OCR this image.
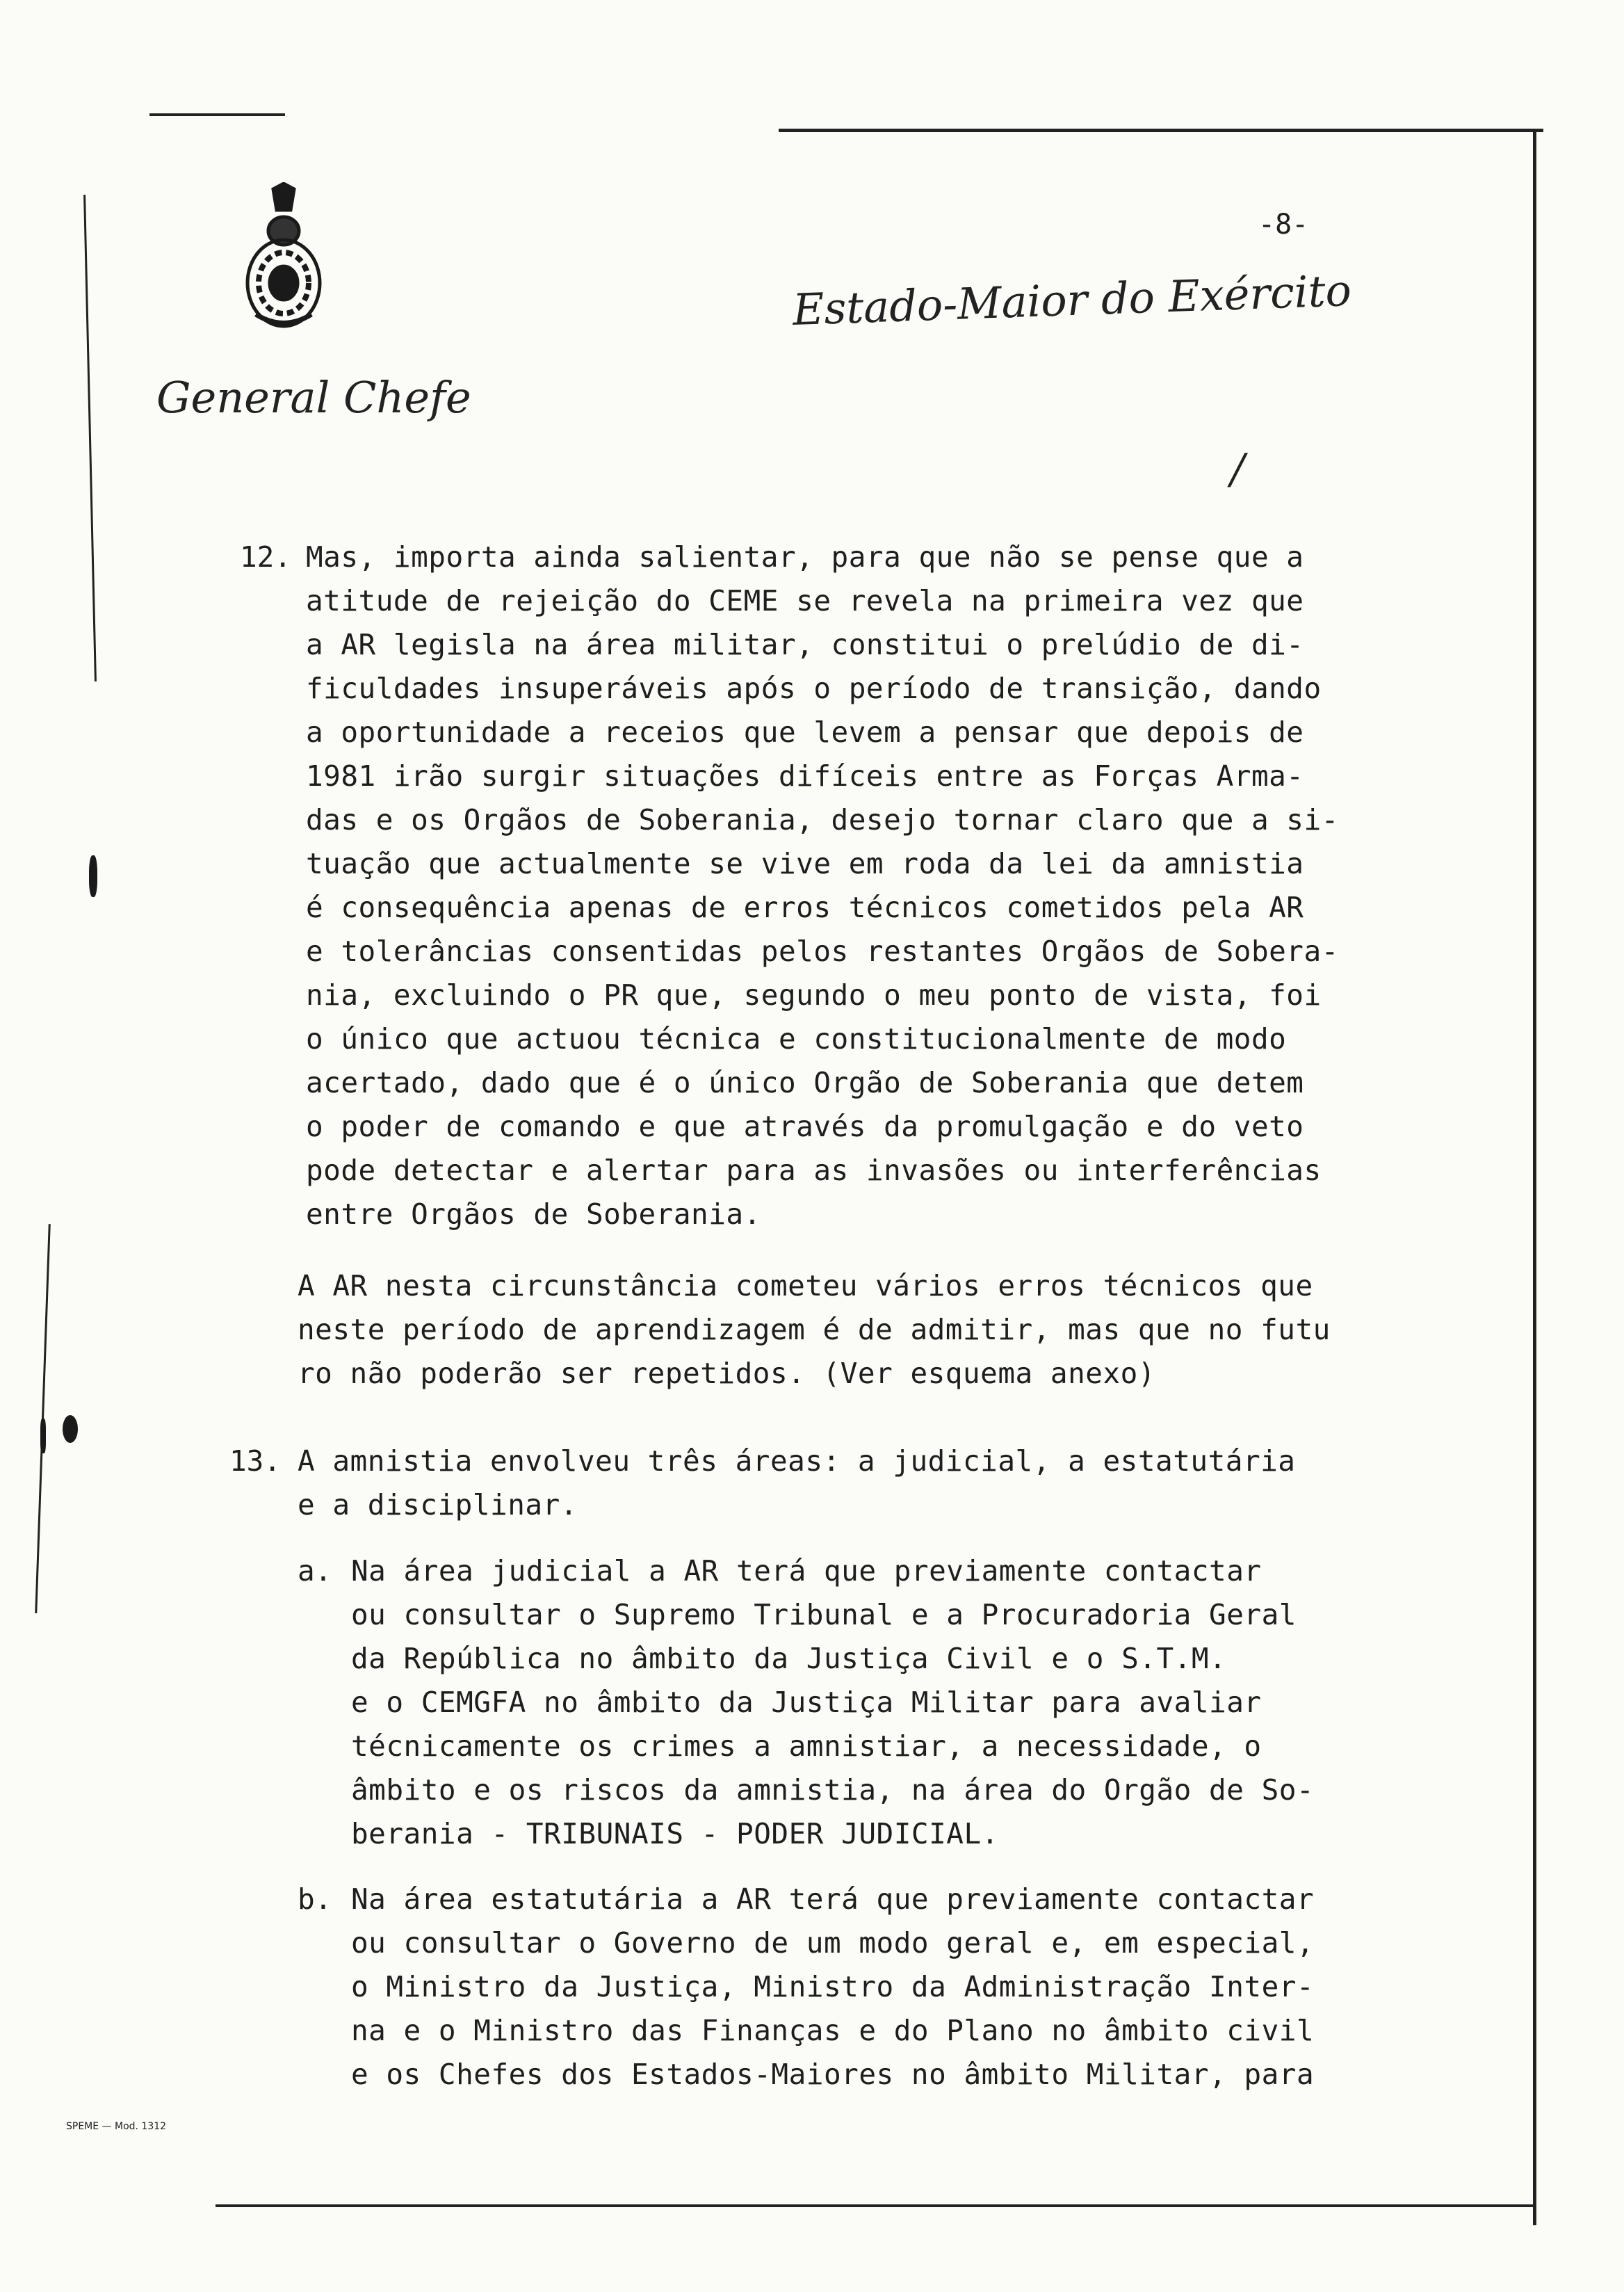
-8-
Estado-Maior do Exército
General Chefe
/
12. Mas, importa ainda salientar, para que não se pense que a
atitude de rejeição do CEME se revela na primeira vez que
a AR legisla na área militar, constitui o prelúdio de di-
ficuldades insuperáveis após o período de transição, dando
a oportunidade a receios que levem a pensar que depois de
1981 irão surgir situações difíceis entre as Forças Arma-
das e os Orgãos de Soberania, desejo tornar claro que a si-
tuação que actualmente se vive em roda da lei da amnistia
é consequência apenas de erros técnicos cometidos pela AR
e tolerâncias consentidas pelos restantes Orgãos de Sobera-
nia, excluindo o PR que, segundo o meu ponto de vista, foi
o único que actuou técnica e constitucionalmente de modo
acertado, dado que é o único Orgão de Soberania que detem
o poder de comando e que através da promulgação e do veto
pode detectar e alertar para as invasões ou interferências
entre Orgãos de Soberania.
A AR nesta circunstância cometeu vários erros técnicos que
neste período de aprendizagem é de admitir, mas que no futu
ro não poderão ser repetidos. (Ver esquema anexo)
13. A amnistia envolveu três áreas: a judicial, a estatutária
e a disciplinar.
a. Na área judicial a AR terá que previamente contactar
ou consultar o Supremo Tribunal e a Procuradoria Geral
da República no âmbito da Justiça Civil e o S.T.M.
e o CEMGFA no âmbito da Justiça Militar para avaliar
técnicamente os crimes a amnistiar, a necessidade, o
âmbito e os riscos da amnistia, na área do Orgão de So-
berania - TRIBUNAIS - PODER JUDICIAL.
b. Na área estatutária a AR terá que previamente contactar
ou consultar o Governo de um modo geral e, em especial,
o Ministro da Justiça, Ministro da Administração Inter-
na e o Ministro das Finanças e do Plano no âmbito civil
e os Chefes dos Estados-Maiores no âmbito Militar, para
SPEME — Mod. 1312
